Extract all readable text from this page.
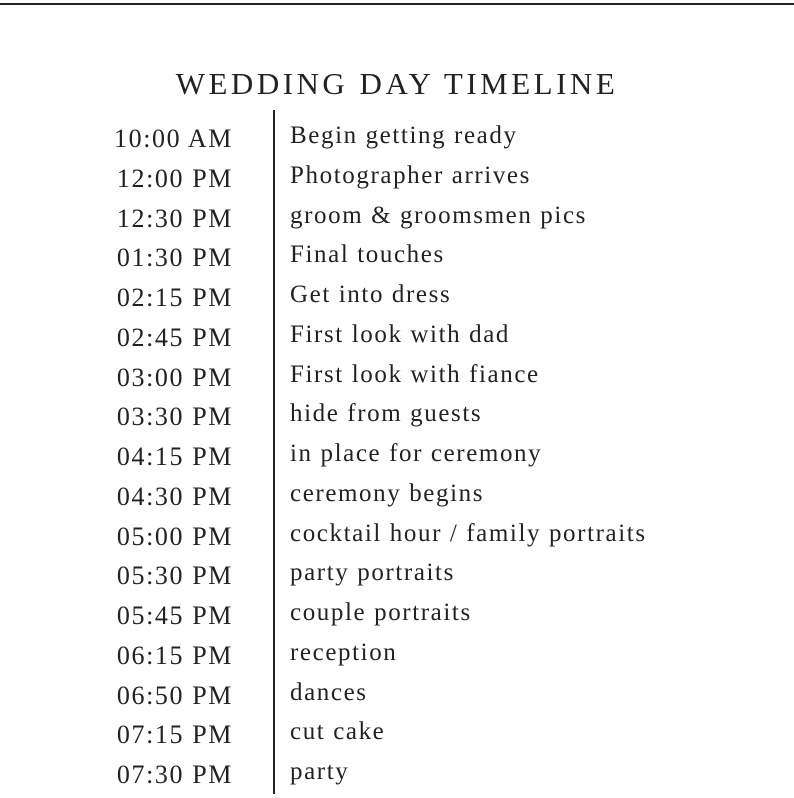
WEDDING DAY TIMELINE
10:00 AM Begin getting ready
12:00 PM Photographer arrives
12:30 PM groom & groomsmen pics
01:30 PM Final touches
02:15 PM Get into dress
02:45 PM First look with dad
03:00 PM First look with fiance
03:30 PM hide from guests
04:15 PM in place for ceremony
04:30 PM ceremony begins
05:00 PM cocktail hour / family portraits
05:30 PM party portraits
05:45 PM couple portraits
06:15 PM reception
06:50 PM dances
07:15 PM cut cake
07:30 PM party
